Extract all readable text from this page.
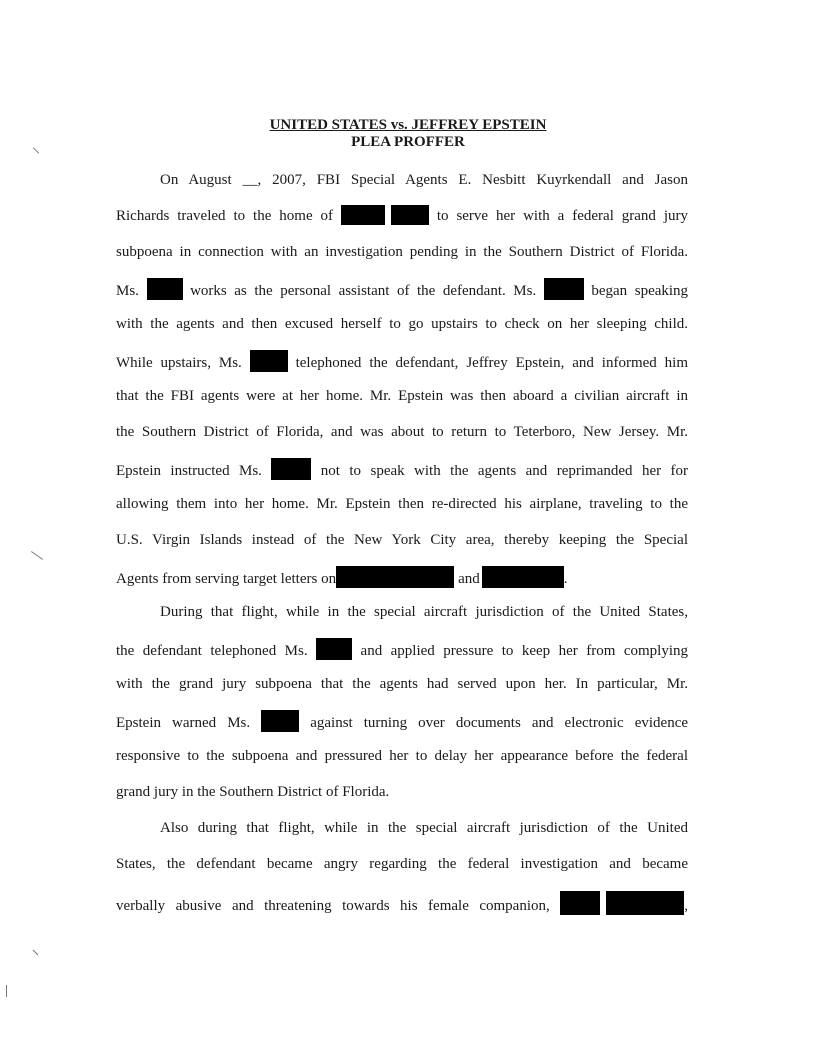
UNITED STATES vs. JEFFREY EPSTEIN
PLEA PROFFER
On August __, 2007, FBI Special Agents E. Nesbitt Kuyrkendall and Jason
Richards traveled to the home of	to serve her with a federal grand jury
subpoena in connection with an investigation pending in the Southern District of Florida.
Ms.	works as the personal assistant of the defendant. Ms.	began speaking
with the agents and then excused herself to go upstairs to check on her sleeping child.
While upstairs, Ms.	telephoned the defendant, Jeffrey Epstein, and informed him
that the FBI agents were at her home. Mr. Epstein was then aboard a civilian aircraft in
the Southern District of Florida, and was about to return to Teterboro, New Jersey. Mr.
Epstein instructed Ms.	not to speak with the agents and reprimanded her for
allowing them into her home. Mr. Epstein then re-directed his airplane, traveling to the
U.S. Virgin Islands instead of the New York City area, thereby keeping the Special
Agents from serving target letters on	and	.
During that flight, while in the special aircraft jurisdiction of the United States,
the defendant telephoned Ms.	and applied pressure to keep her from complying
with the grand jury subpoena that the agents had served upon her. In particular, Mr.
Epstein warned Ms.	against turning over documents and electronic evidence
responsive to the subpoena and pressured her to delay her appearance before the federal
grand jury in the Southern District of Florida.
Also during that flight, while in the special aircraft jurisdiction of the United
States, the defendant became angry regarding the federal investigation and became
verbally abusive and threatening towards his female companion,	,
